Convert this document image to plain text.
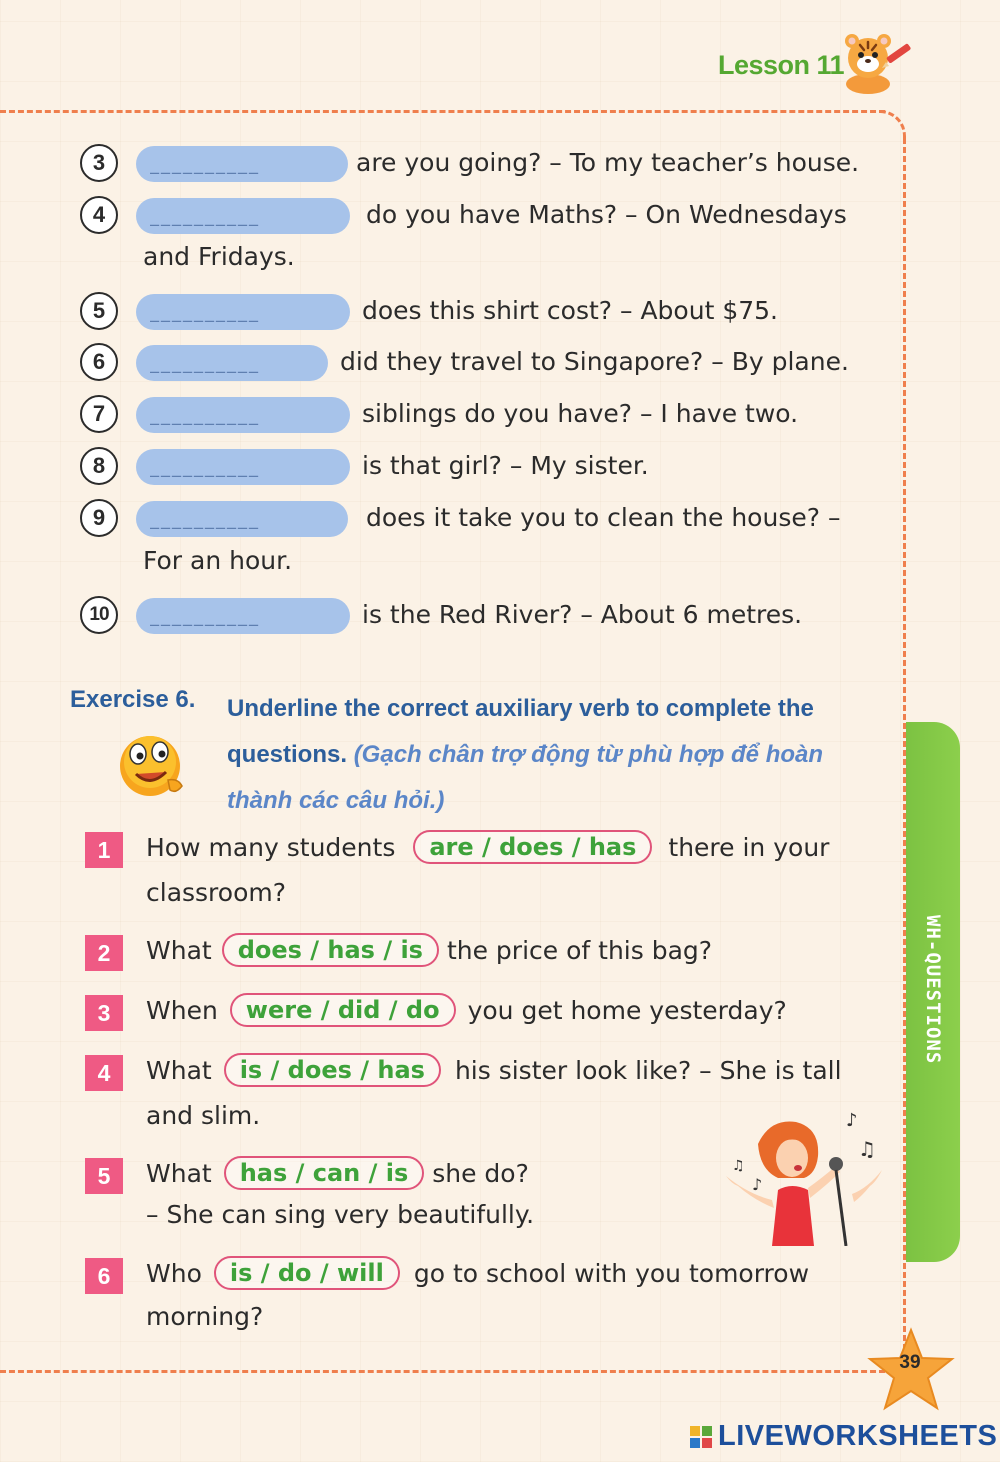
Lesson 11
WH-QUESTIONS
3
__________	are you going? – To my teacher’s house.
4
__________	do you have Maths? – On Wednesdays
and Fridays.
5
__________	does this shirt cost? – About $75.
6
__________	did they travel to Singapore? – By plane.
7
__________	siblings do you have? – I have two.
8
__________	is that girl? – My sister.
9
__________	does it take you to clean the house? –
For an hour.
10
__________	is the Red River? – About 6 metres.
Exercise 6. Underline the correct auxiliary verb to complete the questions. (Gạch chân trợ động từ phù hợp để hoàn thành các câu hỏi.)
1	How many students	are / does / has	there in your
classroom?
2	What	does / has / is the price of this bag?
3	When	were / did / do	you get home yesterday?
4	What	is / does / has	his sister look like? – She is tall
and slim.
5	What	has / can / is she do?
– She can sing very beautifully.
6	Who	is / do / will	go to school with you tomorrow
morning?
♪
♫
♫
♪
39
LIVEWORKSHEETS
